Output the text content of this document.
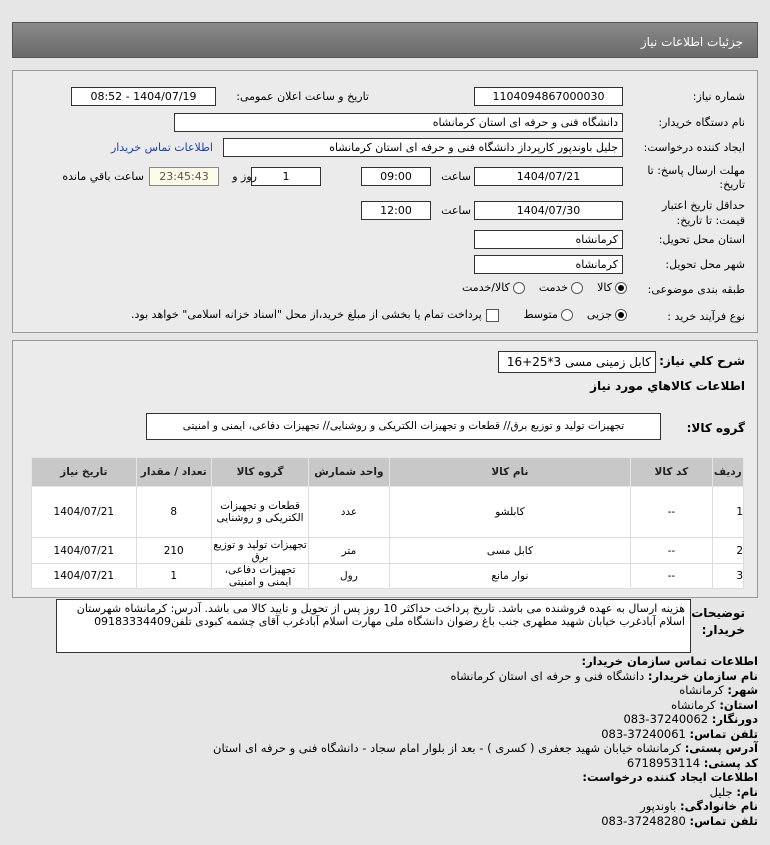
جزئیات اطلاعات نیاز
شماره نیاز:
1104094867000030
تاریخ و ساعت اعلان عمومی:
1404/07/19 - 08:52
نام دستگاه خریدار:
دانشگاه فنی و حرفه ای استان کرمانشاه
ایجاد کننده درخواست:
جلیل باوندپور کارپرداز دانشگاه فنی و حرفه ای استان کرمانشاه
اطلاعات تماس خریدار
مهلت ارسال پاسخ: تا
تاریخ:
1404/07/21
ساعت
09:00
1
روز و
23:45:43
ساعت باقي مانده
حداقل تاریخ اعتبار
قیمت: تا تاریخ:
1404/07/30
ساعت
12:00
استان محل تحویل:
کرمانشاه
شهر محل تحویل:
کرمانشاه
طبقه بندی موضوعی:
کالا    خدمت    کالا/خدمت
نوع فرآیند خرید :
جزیی    متوسط       پرداخت تمام یا بخشی از مبلغ خرید،از محل "اسناد خزانه اسلامی" خواهد بود.
شرح کلي نیاز:
کابل زمینی مسی 3*25+16
اطلاعات کالاهاي مورد نیاز
گروه کالا:
تجهیزات تولید و توزیع برق// قطعات و تجهیزات الکتریکی و روشنایی// تجهیزات دفاعی، ایمنی و امنیتی
ردیف	کد کالا	نام کالا	واحد شمارش	گروه کالا	تعداد / مقدار	تاریخ نیاز
1	--	کابلشو	عدد	قطعات و تجهیزات الکتریکی و روشنایی	8	1404/07/21
2	--	کابل مسی	متر	تجهیزات تولید و توزیع برق	210	1404/07/21
3	--	نوار مانع	رول	تجهیزات دفاعی، ایمنی و امنیتی	1	1404/07/21
هزینه ارسال به عهده فروشنده می باشد. تاریخ پرداخت حداکثر 10 روز پس از تحویل و تایید کالا می باشد. آدرس: کرمانشاه شهرستان اسلام آبادغرب خیابان شهید مطهری جنب باغ رضوان دانشگاه ملی مهارت اسلام آبادغرب آقای چشمه کبودی تلفن09183334409
توضیحات خریدار:
اطلاعات تماس سازمان خریدار:
نام سازمان خریدار: دانشگاه فنی و حرفه ای استان کرمانشاه
شهر: کرمانشاه
استان: کرمانشاه
دورنگار: 37240062-083
تلفن تماس: 37240061-083
آدرس پستی: کرمانشاه خیابان شهید جعفری ( کسری ) - بعد از بلوار امام سجاد - دانشگاه فنی و حرفه ای استان
کد پستی: 6718953114
اطلاعات ایجاد کننده درخواست:
نام: جلیل
نام خانوادگی: باوندپور
تلفن تماس: 37248280-083
